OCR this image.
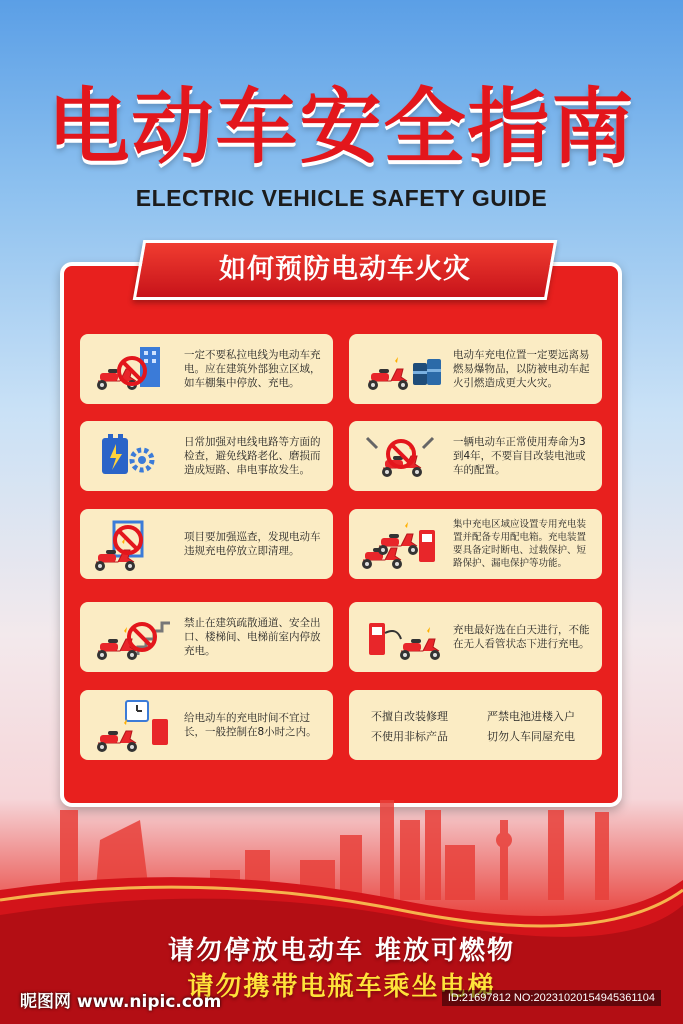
电动车安全指南
ELECTRIC VEHICLE SAFETY GUIDE
如何预防电动车火灾
一定不要私拉电线为电动车充电。应在建筑外部独立区域，如车棚集中停放、充电。
电动车充电位置一定要远离易燃易爆物品，以防被电动车起火引燃造成更大火灾。
日常加强对电线电路等方面的检查，避免线路老化、磨损而造成短路、串电事故发生。
一辆电动车正常使用寿命为3到4年，不要盲目改装电池或车的配置。
项目要加强巡查，发现电动车违规充电停放立即清理。
集中充电区域应设置专用充电装置并配备专用配电箱。充电装置要具备定时断电、过载保护、短路保护、漏电保护等功能。
禁止在建筑疏散通道、安全出口、楼梯间、电梯前室内停放充电。
充电最好选在白天进行，不能在无人看管状态下进行充电。
给电动车的充电时间不宜过长，一般控制在8小时之内。
不擅自改装修理	严禁电池进楼入户
不使用非标产品	切勿人车同屋充电
请勿停放电动车 堆放可燃物
请勿携带电瓶车乘坐电梯
昵图网 www.nipic.com	ID:21697812 NO:20231020154945361104
